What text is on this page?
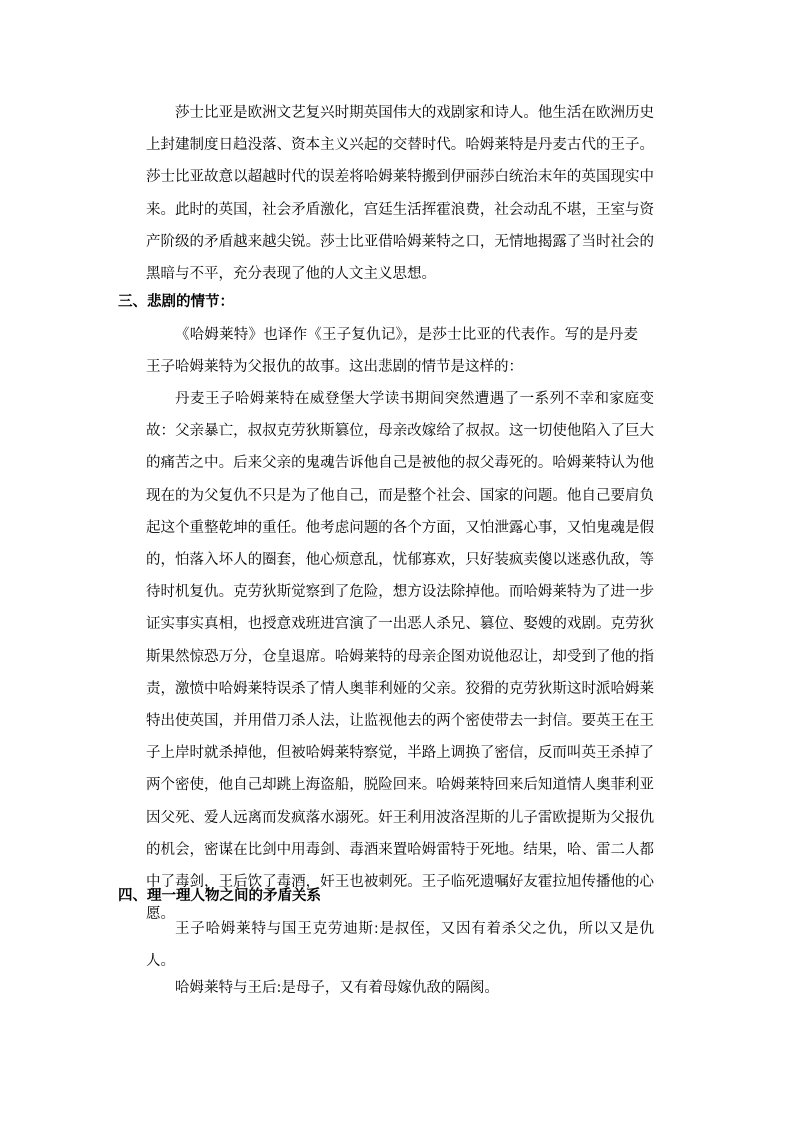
莎士比亚是欧洲文艺复兴时期英国伟大的戏剧家和诗人。他生活在欧洲历史上封建制度日趋没落、资本主义兴起的交替时代。哈姆莱特是丹麦古代的王子。莎士比亚故意以超越时代的误差将哈姆莱特搬到伊丽莎白统治末年的英国现实中来。此时的英国，社会矛盾激化，宫廷生活挥霍浪费，社会动乱不堪，王室与资产阶级的矛盾越来越尖锐。莎士比亚借哈姆莱特之口，无情地揭露了当时社会的黑暗与不平，充分表现了他的人文主义思想。

三、悲剧的情节：

《哈姆莱特》也译作《王子复仇记》，是莎士比亚的代表作。写的是丹麦王子哈姆莱特为父报仇的故事。这出悲剧的情节是这样的：

丹麦王子哈姆莱特在威登堡大学读书期间突然遭遇了一系列不幸和家庭变故：父亲暴亡，叔叔克劳狄斯篡位，母亲改嫁给了叔叔。这一切使他陷入了巨大的痛苦之中。后来父亲的鬼魂告诉他自己是被他的叔父毒死的。哈姆莱特认为他现在的为父复仇不只是为了他自己，而是整个社会、国家的问题。他自己要肩负起这个重整乾坤的重任。他考虑问题的各个方面，又怕泄露心事，又怕鬼魂是假的，怕落入坏人的圈套，他心烦意乱，忧郁寡欢，只好装疯卖傻以迷惑仇敌，等待时机复仇。克劳狄斯觉察到了危险，想方设法除掉他。而哈姆莱特为了进一步证实事实真相，也授意戏班进宫演了一出恶人杀兄、篡位、娶嫂的戏剧。克劳狄斯果然惊恐万分，仓皇退席。哈姆莱特的母亲企图劝说他忍让，却受到了他的指责，激愤中哈姆莱特误杀了情人奥菲利娅的父亲。狡猾的克劳狄斯这时派哈姆莱特出使英国，并用借刀杀人法，让监视他去的两个密使带去一封信。要英王在王子上岸时就杀掉他，但被哈姆莱特察觉，半路上调换了密信，反而叫英王杀掉了两个密使，他自己却跳上海盗船，脱险回来。哈姆莱特回来后知道情人奥菲利亚因父死、爱人远离而发疯落水溺死。奸王利用波洛涅斯的儿子雷欧提斯为父报仇的机会，密谋在比剑中用毒剑、毒酒来置哈姆雷特于死地。结果，哈、雷二人都中了毒剑，王后饮了毒酒，奸王也被刺死。王子临死遗嘱好友霍拉旭传播他的心愿。

四、理一理人物之间的矛盾关系

王子哈姆莱特与国王克劳迪斯:是叔侄，又因有着杀父之仇，所以又是仇人。

哈姆莱特与王后:是母子，又有着母嫁仇敌的隔阂。
